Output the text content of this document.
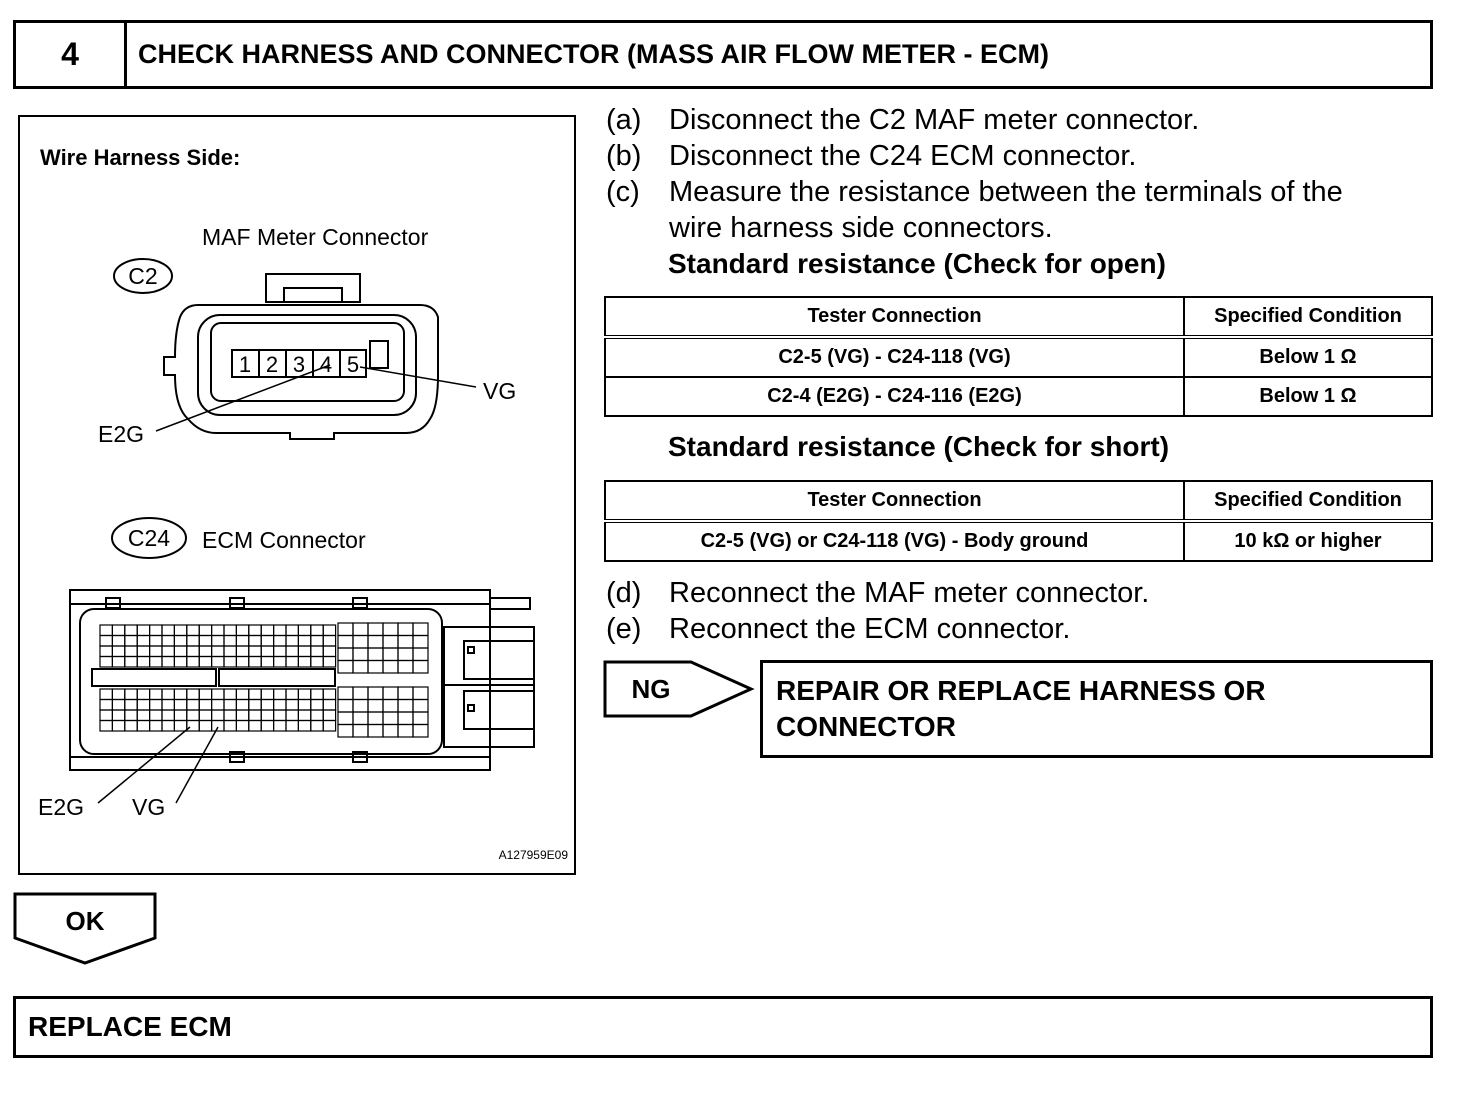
4	CHECK HARNESS AND CONNECTOR (MASS AIR FLOW METER - ECM)
Wire Harness Side:
MAF Meter Connector
C2
1 2 3 4 5
VG
E2G
C24 ECM Connector
E2G VG
A127959E09
(a) Disconnect the C2 MAF meter connector.
(b) Disconnect the C24 ECM connector.
(c) Measure the resistance between the terminals of the
wire harness side connectors.
Standard resistance (Check for open)
Tester Connection	Specified Condition
C2-5 (VG) - C24-118 (VG)	Below 1 Ω
C2-4 (E2G) - C24-116 (E2G)	Below 1 Ω
Standard resistance (Check for short)
Tester Connection	Specified Condition
C2-5 (VG) or C24-118 (VG) - Body ground	10 kΩ or higher
(d) Reconnect the MAF meter connector.
(e) Reconnect the ECM connector.
NG	REPAIR OR REPLACE HARNESS OR
CONNECTOR
OK
REPLACE ECM
